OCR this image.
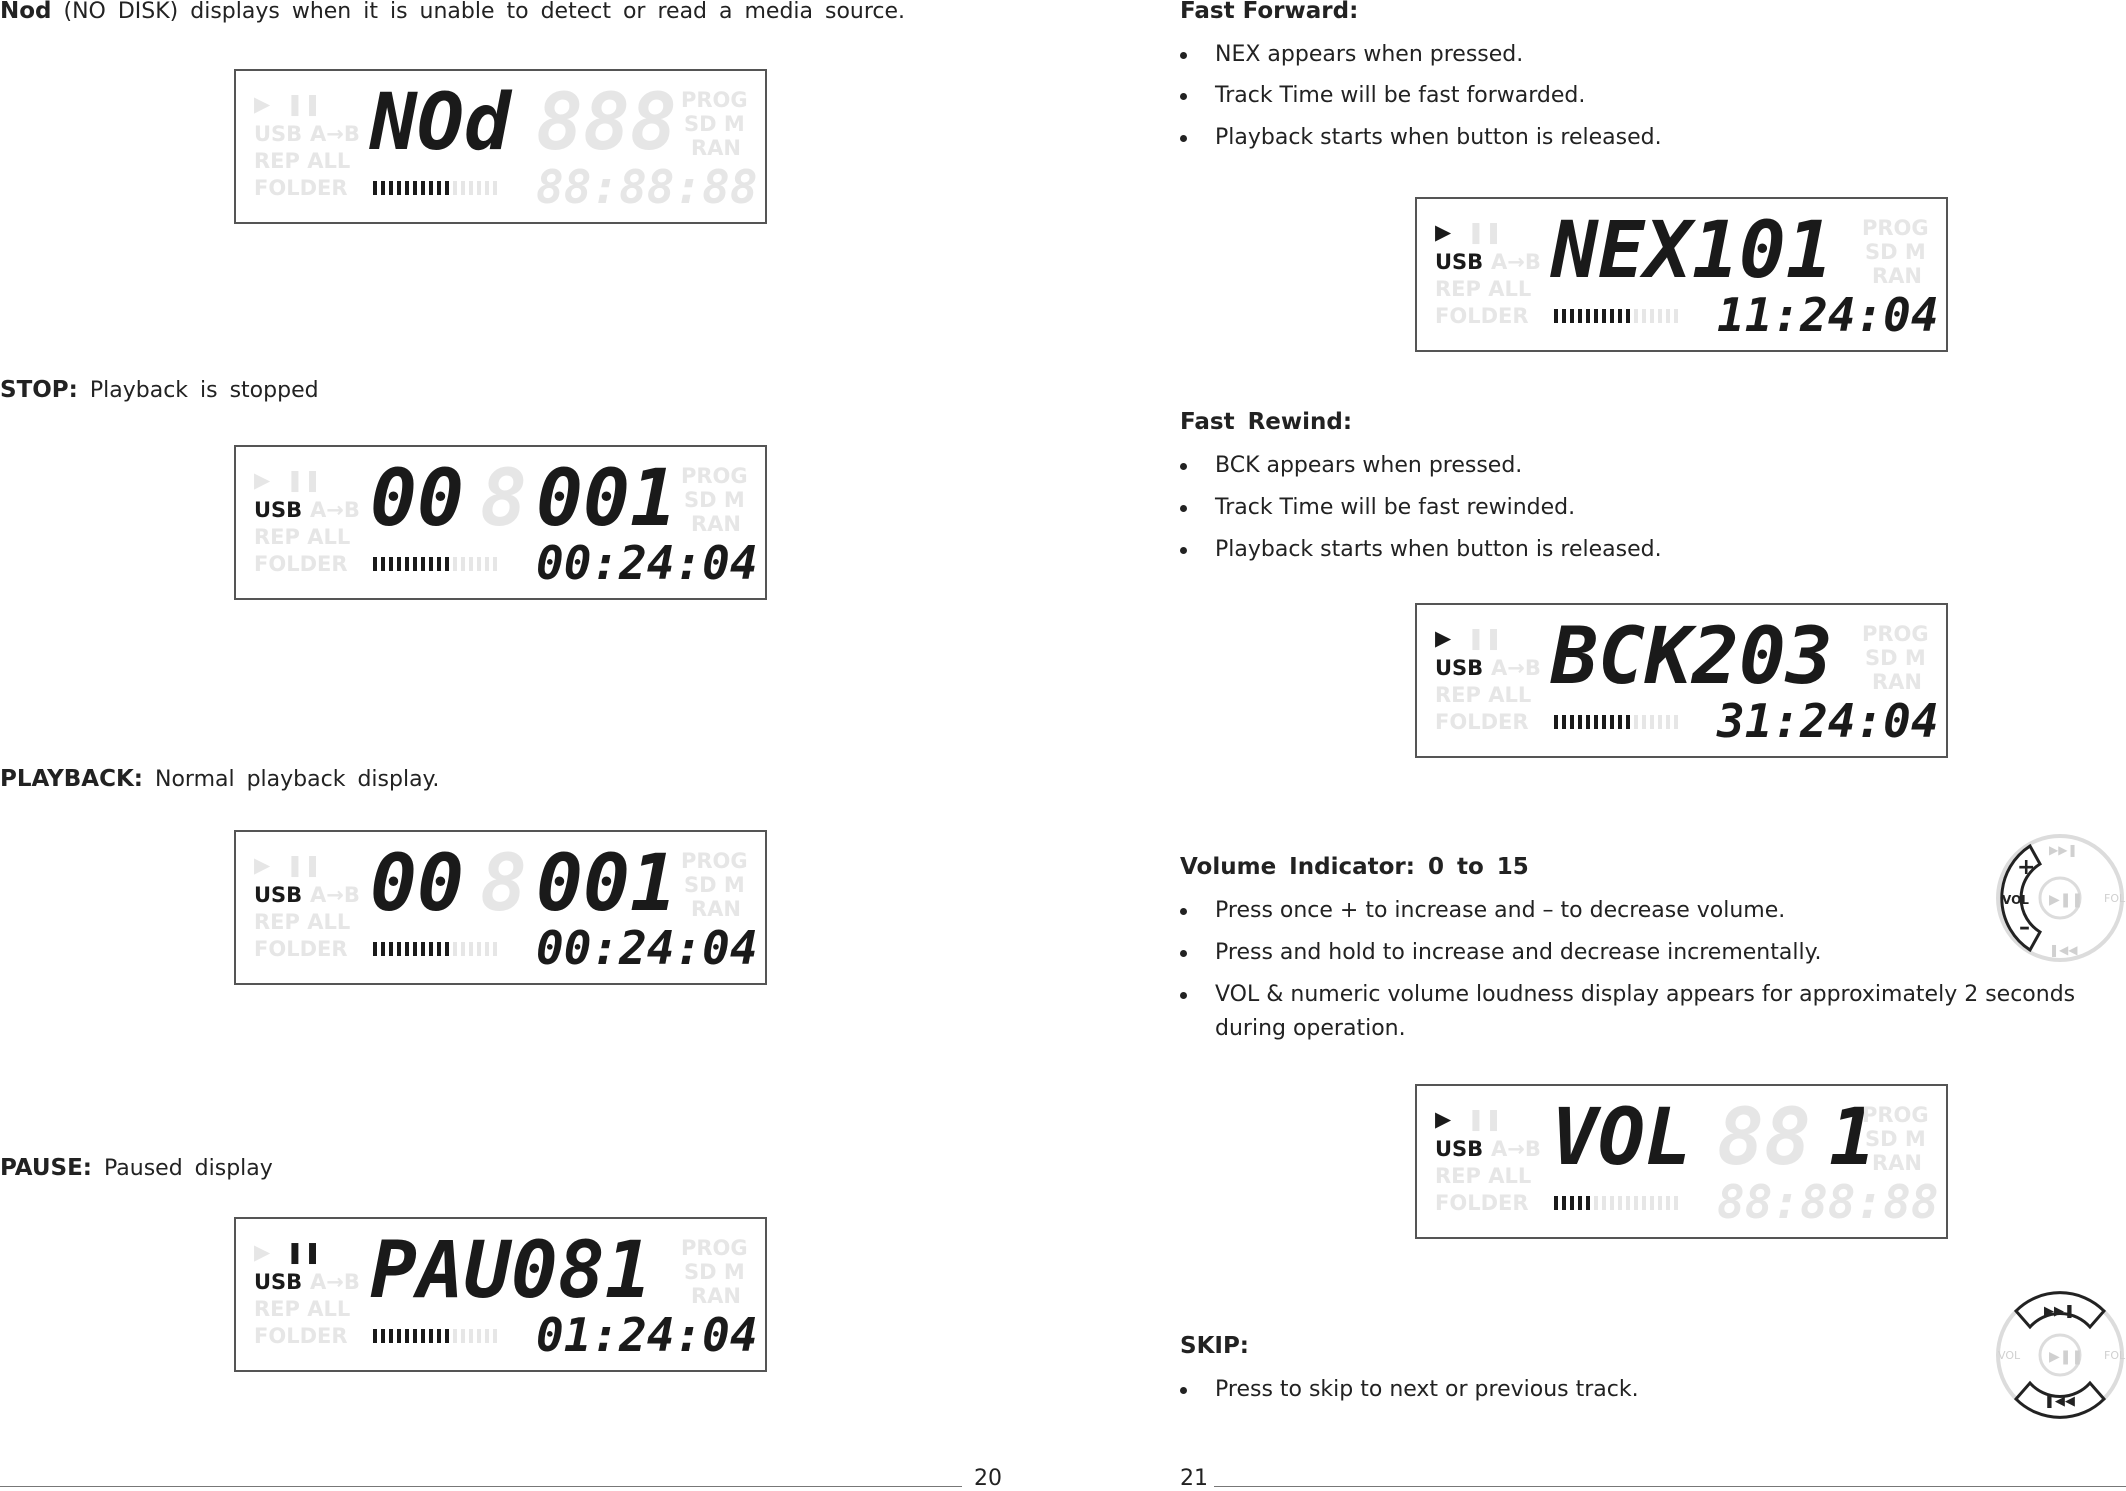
Nod (NO DISK) displays when it is unable to detect or read a media source.
▶ ❚❚
USB A→B
REP ALL
FOLDER
NOd 888
88:88:88
PROG
SD M
RAN
STOP: Playback is stopped
▶ ❚❚
USB A→B
REP ALL
FOLDER
00 8 001
00:24:04
PROG
SD M
RAN
PLAYBACK: Normal playback display.
▶ ❚❚
USB A→B
REP ALL
FOLDER
00 8 001
00:24:04
PROG
SD M
RAN
PAUSE: Paused display
▶ ❚❚
USB A→B
REP ALL
FOLDER
PAU081
01:24:04
PROG
SD M
RAN
20
Fast Forward:
NEX appears when pressed.
Track Time will be fast forwarded.
Playback starts when button is released.
▶ ❚❚
USB A→B
REP ALL
FOLDER
NEX101
11:24:04
PROG
SD M
RAN
Fast Rewind:
BCK appears when pressed.
Track Time will be fast rewinded.
Playback starts when button is released.
▶ ❚❚
USB A→B
REP ALL
FOLDER
BCK203
31:24:04
PROG
SD M
RAN
Volume Indicator: 0 to 15
Press once + to increase and – to decrease volume.
Press and hold to increase and decrease incrementally.
VOL & numeric volume loudness display appears for approximately 2 seconds during operation.
▶ ❚❚
USB A→B
REP ALL
FOLDER
VOL 88 1
88:88:88
PROG
SD M
RAN
▶❚❚
▶▶❚
❚◀◀
FOL
+
VOL
–
SKIP:
Press to skip to next or previous track.
▶❚❚
VOL	FOL
▶▶❚
❚◀◀
21
